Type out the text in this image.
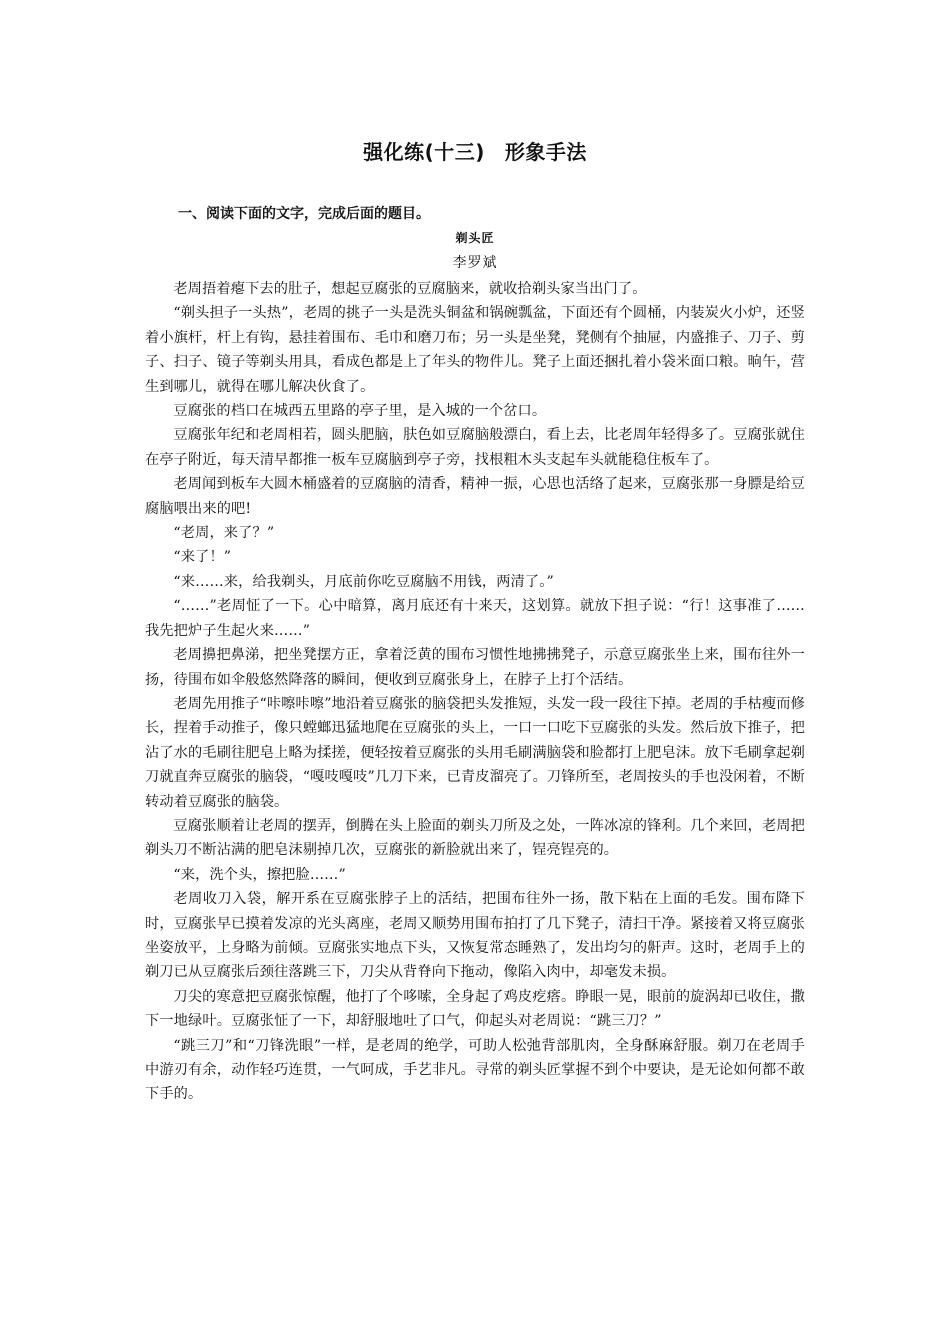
强化练(十三) 形象手法
一、阅读下面的文字，完成后面的题目。
剃头匠
李罗斌

老周捂着瘪下去的肚子，想起豆腐张的豆腐脑来，就收拾剃头家当出门了。

“剃头担子一头热”，老周的挑子一头是洗头铜盆和锅碗瓢盆，下面还有个圆桶，内装炭火小炉，还竖着小旗杆，杆上有钩，悬挂着围布、毛巾和磨刀布；另一头是坐凳，凳侧有个抽屉，内盛推子、刀子、剪子、扫子、镜子等剃头用具，看成色都是上了年头的物件儿。凳子上面还捆扎着小袋米面口粮。晌午，营生到哪儿，就得在哪儿解决伙食了。

豆腐张的档口在城西五里路的亭子里，是入城的一个岔口。

豆腐张年纪和老周相若，圆头肥脑，肤色如豆腐脑般漂白，看上去，比老周年轻得多了。豆腐张就住在亭子附近，每天清早都推一板车豆腐脑到亭子旁，找根粗木头支起车头就能稳住板车了。

老周闻到板车大圆木桶盛着的豆腐脑的清香，精神一振，心思也活络了起来，豆腐张那一身膘是给豆腐脑喂出来的吧!

“老周，来了？”

“来了！”

“来……来，给我剃头，月底前你吃豆腐脑不用钱，两清了。”

“……”老周怔了一下。心中暗算，离月底还有十来天，这划算。就放下担子说：“行！这事准了……我先把炉子生起火来……”

老周擤把鼻涕，把坐凳摆方正，拿着泛黄的围布习惯性地拂拂凳子，示意豆腐张坐上来，围布往外一扬，待围布如伞般悠然降落的瞬间，便收到豆腐张身上，在脖子上打个活结。

老周先用推子“咔嚓咔嚓”地沿着豆腐张的脑袋把头发推短，头发一段一段往下掉。老周的手枯瘦而修长，捏着手动推子，像只螳螂迅猛地爬在豆腐张的头上，一口一口吃下豆腐张的头发。然后放下推子，把沾了水的毛刷往肥皂上略为揉搓，便轻按着豆腐张的头用毛刷满脑袋和脸都打上肥皂沫。放下毛刷拿起剃刀就直奔豆腐张的脑袋，“嘎吱嘎吱”几刀下来，已青皮溜亮了。刀锋所至，老周按头的手也没闲着，不断转动着豆腐张的脑袋。

豆腐张顺着让老周的摆弄，倒腾在头上脸面的剃头刀所及之处，一阵冰凉的锋利。几个来回，老周把剃头刀不断沾满的肥皂沫剔掉几次，豆腐张的新脸就出来了，锃亮锃亮的。

“来，洗个头，擦把脸……”

老周收刀入袋，解开系在豆腐张脖子上的活结，把围布往外一扬，散下粘在上面的毛发。围布降下时，豆腐张早已摸着发凉的光头离座，老周又顺势用围布拍打了几下凳子，清扫干净。紧接着又将豆腐张坐姿放平，上身略为前倾。豆腐张实地点下头，又恢复常态睡熟了，发出均匀的鼾声。这时，老周手上的剃刀已从豆腐张后颈往落跳三下，刀尖从背脊向下拖动，像陷入肉中，却毫发未损。

刀尖的寒意把豆腐张惊醒，他打了个哆嗦，全身起了鸡皮疙瘩。睁眼一晃，眼前的旋涡却已收住，撒下一地绿叶。豆腐张怔了一下，却舒服地吐了口气，仰起头对老周说：“跳三刀？”

“跳三刀”和“刀锋洗眼”一样，是老周的绝学，可助人松弛背部肌肉，全身酥麻舒服。剃刀在老周手中游刃有余，动作轻巧连贯，一气呵成，手艺非凡。寻常的剃头匠掌握不到个中要诀，是无论如何都不敢下手的。
